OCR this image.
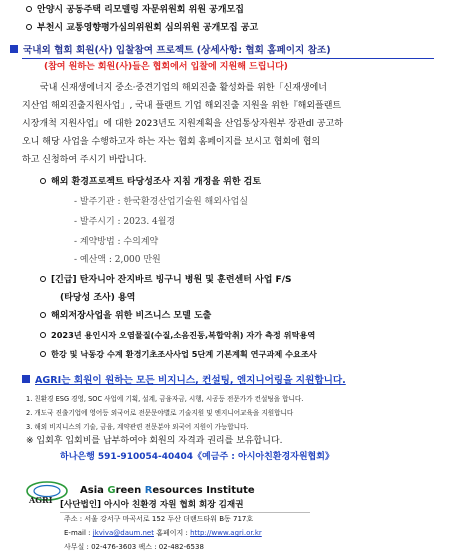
안양시 공동주택 리모델링 자문위원회 위원 공개모집
부천시 교통영향평가심의위원회 심의위원 공개모집 공고
국내외 협회 회원(사) 입찰참여 프로젝트 (상세사항: 협회 홈페이지 참조)
(참여 원하는 회원(사)들은 협회에서 입찰에 지원해 드립니다)
국내 신재생에너지 중소·중견기업의 해외진출 활성화를 위한「신재생에너
지산업 해외진출지원사업」, 국내 플랜트 기업 해외진출 지원을 위한『해외플랜트
시장개척 지원사업』에 대한 2023년도 지원계획을 산업통상자원부 장관dl 공고하
오니 해당 사업을 수행하고자 하는 자는 협회 홈페이지를 보시고 협회에 협의
하고 신청하여 주시기 바랍니다.
해외 환경프로젝트 타당성조사 지침 개정을 위한 검토
- 발주기관 : 한국환경산업기술원 해외사업실
- 발주시기 : 2023. 4월경
- 계약방법 : 수의계약
- 예산액 : 2,000 만원
[긴급] 탄자니아 잔지바르 빙구니 병원 및 훈련센터 사업 F/S
(타당성 조사) 용역
해외저장사업을 위한 비즈니스 모델 도출
2023년 용인시자 오염물질(수질,소음진동,복합악취) 자가 측정 위탁용역
한강 및 낙동강 수계 환경기초조사사업 5단계 기본계획 연구과제 수요조사
AGRI는 회원이 원하는 모든 비지니스, 컨설팅, 엔지니어링을 지원합니다.
1. 친환경 ESG 경영, SOC 사업에 기획, 설계, 금융자금, 시행, 시공등 전문가가 컨설팅을 합니다.
2. 개도국 진출기업에 영어등 외국어로 전문문야별로 기술지원 및 엔지니어교육을 지원합니다
3. 해외 비지니스의 기술, 금융, 계약관련 전문분야 외국어 지원이 가능합니다.
※ 입회후 입회비를 납부하여야 회원의 자격과 권리를 보유합니다.
하나은행 591-910054-40404《예금주 : 아시아친환경자원협회》
AGRI
Asia Green Resources Institute
[사단법인] 아시아 친환경 자원 협회 회장 김재권
주소 : 서울 강서구 마곡서로 152 두산 더랜드타워 B동 717호
E-mail : jkviva@daum.net 홈페이지 : http://www.agri.or.kr
사무실 : 02-476-3603 팩스 : 02-482-6538
